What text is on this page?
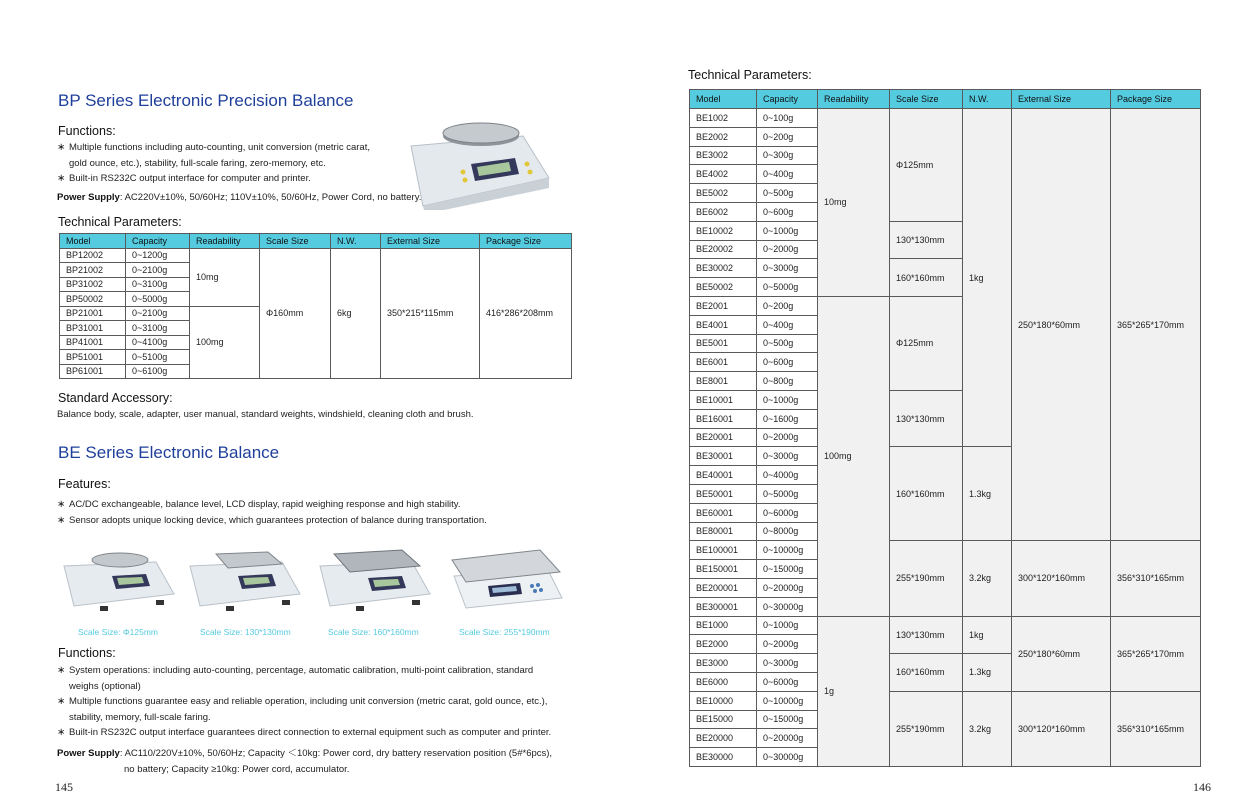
BP Series Electronic Precision Balance
Functions:
∗ Multiple functions including auto-counting, unit conversion (metric carat,
gold ounce, etc.), stability, full-scale faring, zero-memory, etc.
∗ Built-in RS232C output interface for computer and printer.
Power Supply: AC220V±10%, 50/60Hz; 110V±10%, 50/60Hz, Power Cord, no battery.
Technical Parameters:
Model	Capacity	Readability	Scale Size	N.W.	External Size	Package Size
BP12002	0~1200g	10mg	Φ160mm	6kg	350*215*115mm	416*286*208mm
BP21002	0~2100g					
BP31002	0~3100g					
BP50002	0~5000g					
BP21001	0~2100g	100mg				
BP31001	0~3100g					
BP41001	0~4100g					
BP51001	0~5100g					
BP61001	0~6100g					
Standard Accessory:
Balance body, scale, adapter, user manual, standard weights, windshield, cleaning cloth and brush.
BE Series Electronic Balance
Features:
∗ AC/DC exchangeable, balance level, LCD display, rapid weighing response and high stability.
∗ Sensor adopts unique locking device, which guarantees protection of balance during transportation.
Scale Size: Φ125mm	Scale Size: 130*130mm	Scale Size: 160*160mm	Scale Size: 255*190mm
Functions:
∗ System operations: including auto-counting, percentage, automatic calibration, multi-point calibration, standard
weighs (optional)
∗ Multiple functions guarantee easy and reliable operation, including unit conversion (metric carat, gold ounce, etc.),
stability, memory, full-scale faring.
∗ Built-in RS232C output interface guarantees direct connection to external equipment such as computer and printer.
Power Supply: AC110/220V±10%, 50/60Hz; Capacity ＜10kg: Power cord, dry battery reservation position (5#*6pcs),
no battery; Capacity ≥10kg: Power cord, accumulator.
145
Technical Parameters:
Model	Capacity	Readability	Scale Size	N.W.	External Size	Package Size
BE1002	0~100g	10mg	Φ125mm	1kg	250*180*60mm	365*265*170mm
BE2002	0~200g					
BE3002	0~300g					
BE4002	0~400g					
BE5002	0~500g					
BE6002	0~600g					
BE10002	0~1000g		130*130mm			
BE20002	0~2000g					
BE30002	0~3000g		160*160mm			
BE50002	0~5000g					
BE2001	0~200g	100mg	Φ125mm			
BE4001	0~400g					
BE5001	0~500g					
BE6001	0~600g					
BE8001	0~800g					
BE10001	0~1000g		130*130mm			
BE16001	0~1600g					
BE20001	0~2000g					
BE30001	0~3000g		160*160mm	1.3kg		
BE40001	0~4000g					
BE50001	0~5000g					
BE60001	0~6000g					
BE80001	0~8000g					
BE100001	0~10000g		255*190mm	3.2kg	300*120*160mm	356*310*165mm
BE150001	0~15000g					
BE200001	0~20000g					
BE300001	0~30000g					
BE1000	0~1000g	1g	130*130mm	1kg	250*180*60mm	365*265*170mm
BE2000	0~2000g					
BE3000	0~3000g		160*160mm	1.3kg		
BE6000	0~6000g					
BE10000	0~10000g		255*190mm	3.2kg	300*120*160mm	356*310*165mm
BE15000	0~15000g					
BE20000	0~20000g					
BE30000	0~30000g					
146
